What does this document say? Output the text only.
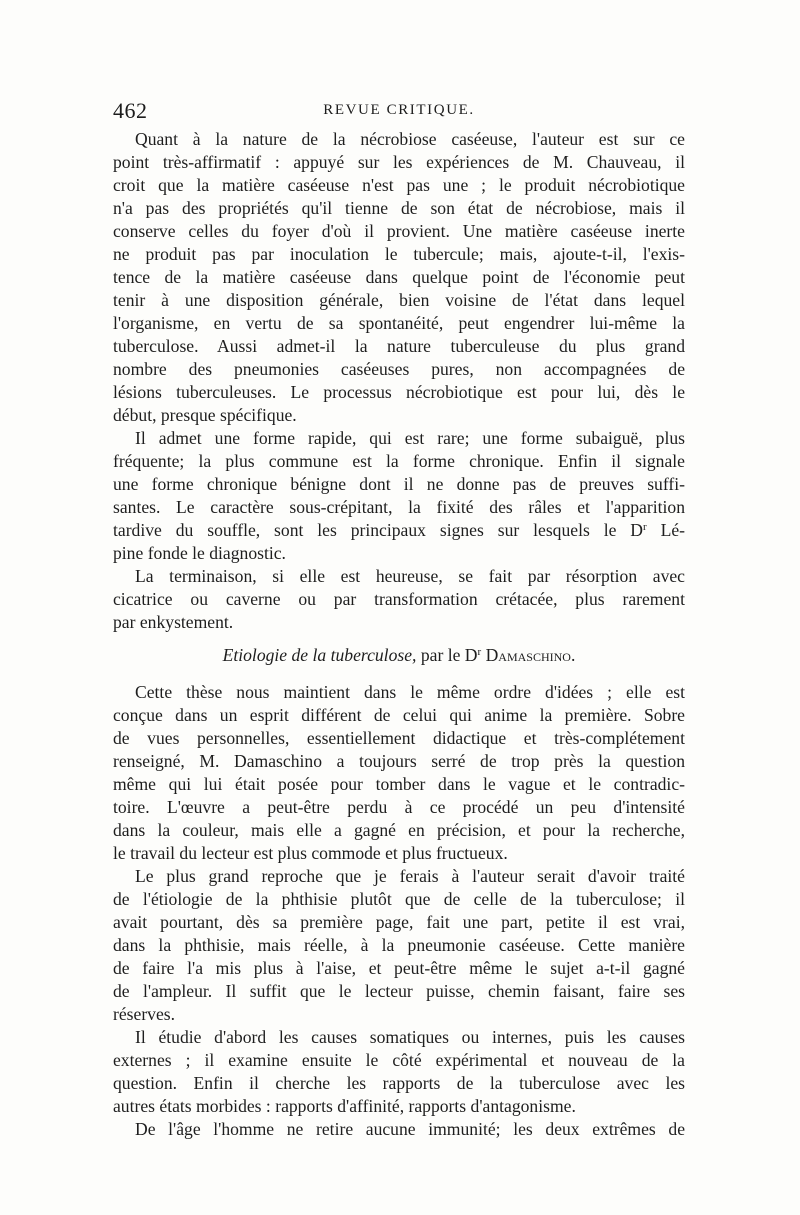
462	REVUE CRITIQUE.
Quant à la nature de la nécrobiose caséeuse, l'auteur est sur ce
point très-affirmatif : appuyé sur les expériences de M. Chauveau, il
croit que la matière caséeuse n'est pas une ; le produit nécrobiotique
n'a pas des propriétés qu'il tienne de son état de nécrobiose, mais il
conserve celles du foyer d'où il provient. Une matière caséeuse inerte
ne produit pas par inoculation le tubercule; mais, ajoute-t-il, l'exis-
tence de la matière caséeuse dans quelque point de l'économie peut
tenir à une disposition générale, bien voisine de l'état dans lequel
l'organisme, en vertu de sa spontanéité, peut engendrer lui-même la
tuberculose. Aussi admet-il la nature tuberculeuse du plus grand
nombre des pneumonies caséeuses pures, non accompagnées de
lésions tuberculeuses. Le processus nécrobiotique est pour lui, dès le
début, presque spécifique.
Il admet une forme rapide, qui est rare; une forme subaiguë, plus
fréquente; la plus commune est la forme chronique. Enfin il signale
une forme chronique bénigne dont il ne donne pas de preuves suffi-
santes. Le caractère sous-crépitant, la fixité des râles et l'apparition
tardive du souffle, sont les principaux signes sur lesquels le $D^r$ Lé-
pine fonde le diagnostic.
La terminaison, si elle est heureuse, se fait par résorption avec
cicatrice ou caverne ou par transformation crétacée, plus rarement
par enkystement.
Etiologie de la tuberculose, par le $D^r$ Damaschino.
Cette thèse nous maintient dans le même ordre d'idées ; elle est
conçue dans un esprit différent de celui qui anime la première. Sobre
de vues personnelles, essentiellement didactique et très-complétement
renseigné, M. Damaschino a toujours serré de trop près la question
même qui lui était posée pour tomber dans le vague et le contradic-
toire. L'œuvre a peut-être perdu à ce procédé un peu d'intensité
dans la couleur, mais elle a gagné en précision, et pour la recherche,
le travail du lecteur est plus commode et plus fructueux.
Le plus grand reproche que je ferais à l'auteur serait d'avoir traité
de l'étiologie de la phthisie plutôt que de celle de la tuberculose; il
avait pourtant, dès sa première page, fait une part, petite il est vrai,
dans la phthisie, mais réelle, à la pneumonie caséeuse. Cette manière
de faire l'a mis plus à l'aise, et peut-être même le sujet a-t-il gagné
de l'ampleur. Il suffit que le lecteur puisse, chemin faisant, faire ses
réserves.
Il étudie d'abord les causes somatiques ou internes, puis les causes
externes ; il examine ensuite le côté expérimental et nouveau de la
question. Enfin il cherche les rapports de la tuberculose avec les
autres états morbides : rapports d'affinité, rapports d'antagonisme.
De l'âge l'homme ne retire aucune immunité; les deux extrêmes de
